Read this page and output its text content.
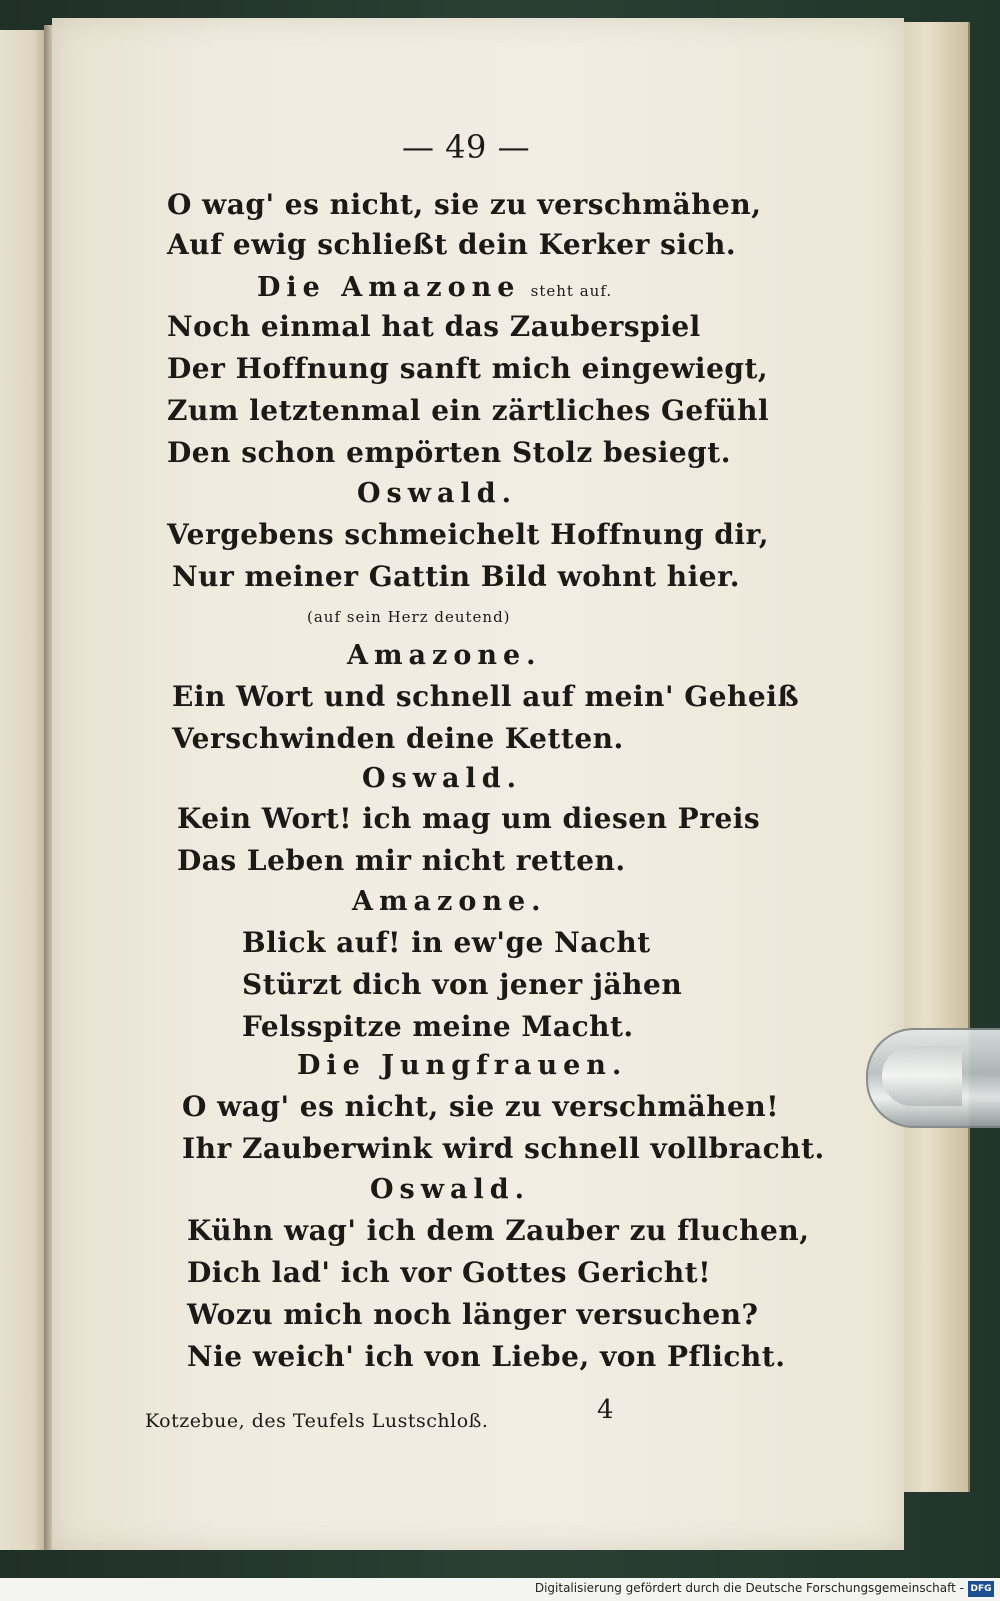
— 49 —
O wag' es nicht, sie zu verschmähen,
Auf ewig schließt dein Kerker sich.
Die Amazone steht auf.
Noch einmal hat das Zauberspiel
Der Hoffnung sanft mich eingewiegt,
Zum letztenmal ein zärtliches Gefühl
Den schon empörten Stolz besiegt.
Oswald.
Vergebens schmeichelt Hoffnung dir,
Nur meiner Gattin Bild wohnt hier.
(auf sein Herz deutend)
Amazone.
Ein Wort und schnell auf mein' Geheiß
Verschwinden deine Ketten.
Oswald.
Kein Wort! ich mag um diesen Preis
Das Leben mir nicht retten.
Amazone.
Blick auf! in ew'ge Nacht
Stürzt dich von jener jähen
Felsspitze meine Macht.
Die Jungfrauen.
O wag' es nicht, sie zu verschmähen!
Ihr Zauberwink wird schnell vollbracht.
Oswald.
Kühn wag' ich dem Zauber zu fluchen,
Dich lad' ich vor Gottes Gericht!
Wozu mich noch länger versuchen?
Nie weich' ich von Liebe, von Pflicht.
Kotzebue, des Teufels Lustschloß.	4
Digitalisierung gefördert durch die Deutsche Forschungsgemeinschaft - DFG
